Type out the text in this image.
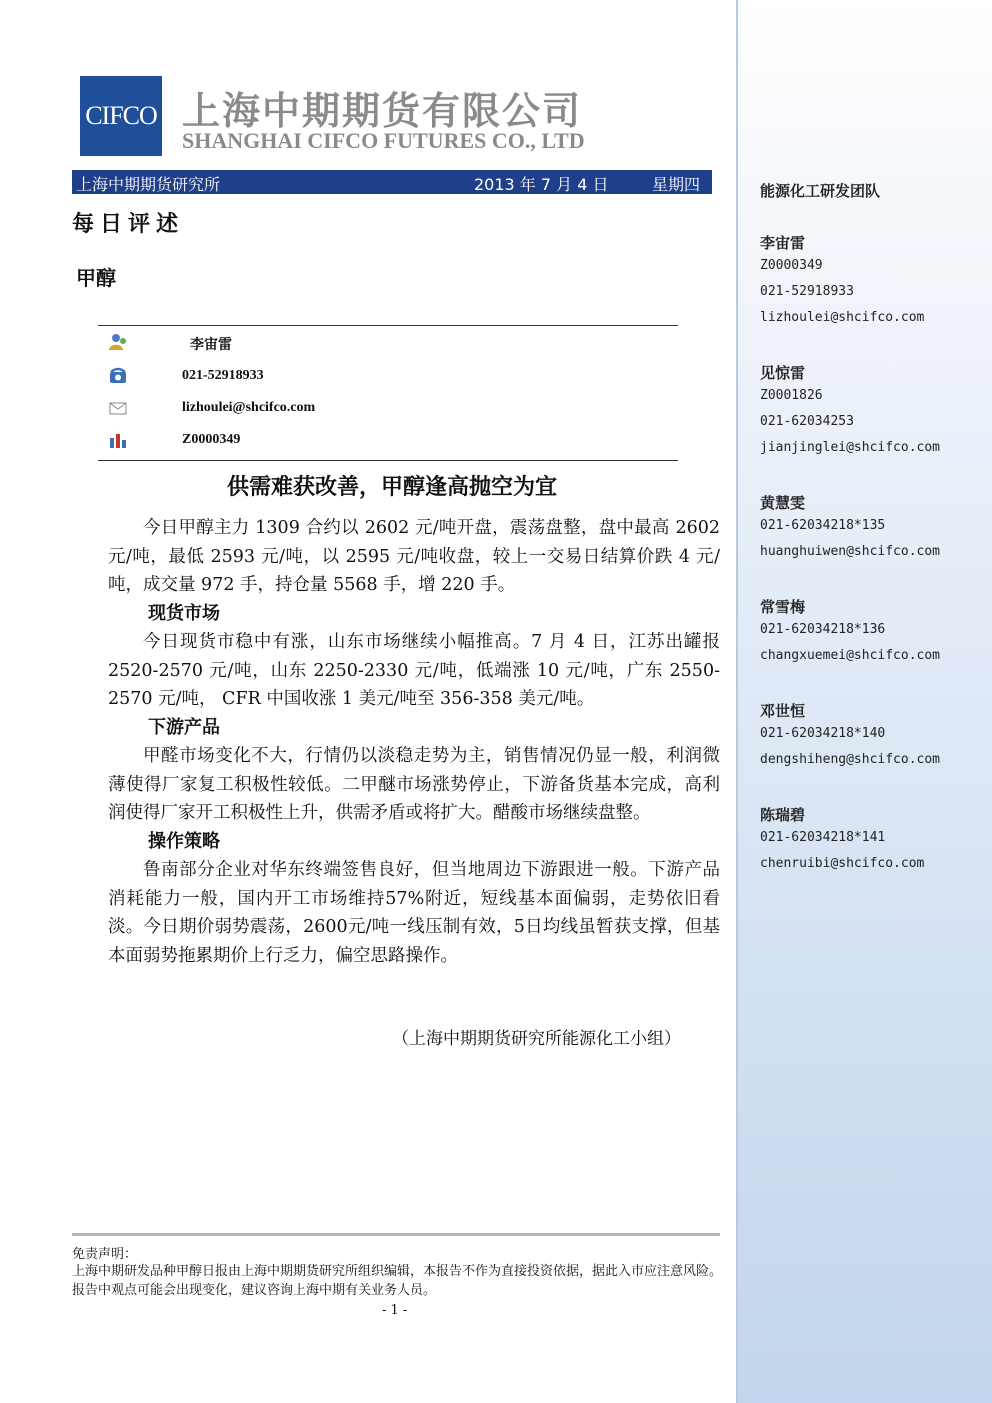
CIFCO 上海中期期货有限公司
SHANGHAI CIFCO FUTURES CO., LTD
上海中期期货研究所	2013 年 7 月 4 日	星期四
每日评述
甲醇
李宙雷
021-52918933
lizhoulei@shcifco.com
Z0000349
供需难获改善，甲醇逢高抛空为宜

今日甲醇主力 1309 合约以 2602 元/吨开盘，震荡盘整，盘中最高 2602 元/吨，最低 2593 元/吨，以 2595 元/吨收盘，较上一交易日结算价跌 4 元/吨，成交量 972 手，持仓量 5568 手，增 220 手。

现货市场

今日现货市稳中有涨，山东市场继续小幅推高。7 月 4 日，江苏出罐报 2520-2570 元/吨，山东 2250-2330 元/吨，低端涨 10 元/吨，广东 2550-2570 元/吨， CFR 中国收涨 1 美元/吨至 356-358 美元/吨。

下游产品

甲醛市场变化不大，行情仍以淡稳走势为主，销售情况仍显一般，利润微薄使得厂家复工积极性较低。二甲醚市场涨势停止，下游备货基本完成，高利润使得厂家开工积极性上升，供需矛盾或将扩大。醋酸市场继续盘整。

操作策略

鲁南部分企业对华东终端签售良好，但当地周边下游跟进一般。下游产品消耗能力一般，国内开工市场维持57%附近，短线基本面偏弱，走势依旧看淡。今日期价弱势震荡，2600元/吨一线压制有效，5日均线虽暂获支撑，但基本面弱势拖累期价上行乏力，偏空思路操作。

（上海中期期货研究所能源化工小组）
免责声明：
上海中期研发品种甲醇日报由上海中期期货研究所组织编辑，本报告不作为直接投资依据，据此入市应注意风险。报告中观点可能会出现变化，建议咨询上海中期有关业务人员。
- 1 -
能源化工研发团队
李宙雷
Z0000349
021-52918933
lizhoulei@shcifco.com
见惊雷
Z0001826
021-62034253
jianjinglei@shcifco.com
黄慧雯
021-62034218*135
huanghuiwen@shcifco.com
常雪梅
021-62034218*136
changxuemei@shcifco.com
邓世恒
021-62034218*140
dengshiheng@shcifco.com
陈瑞碧
021-62034218*141
chenruibi@shcifco.com
